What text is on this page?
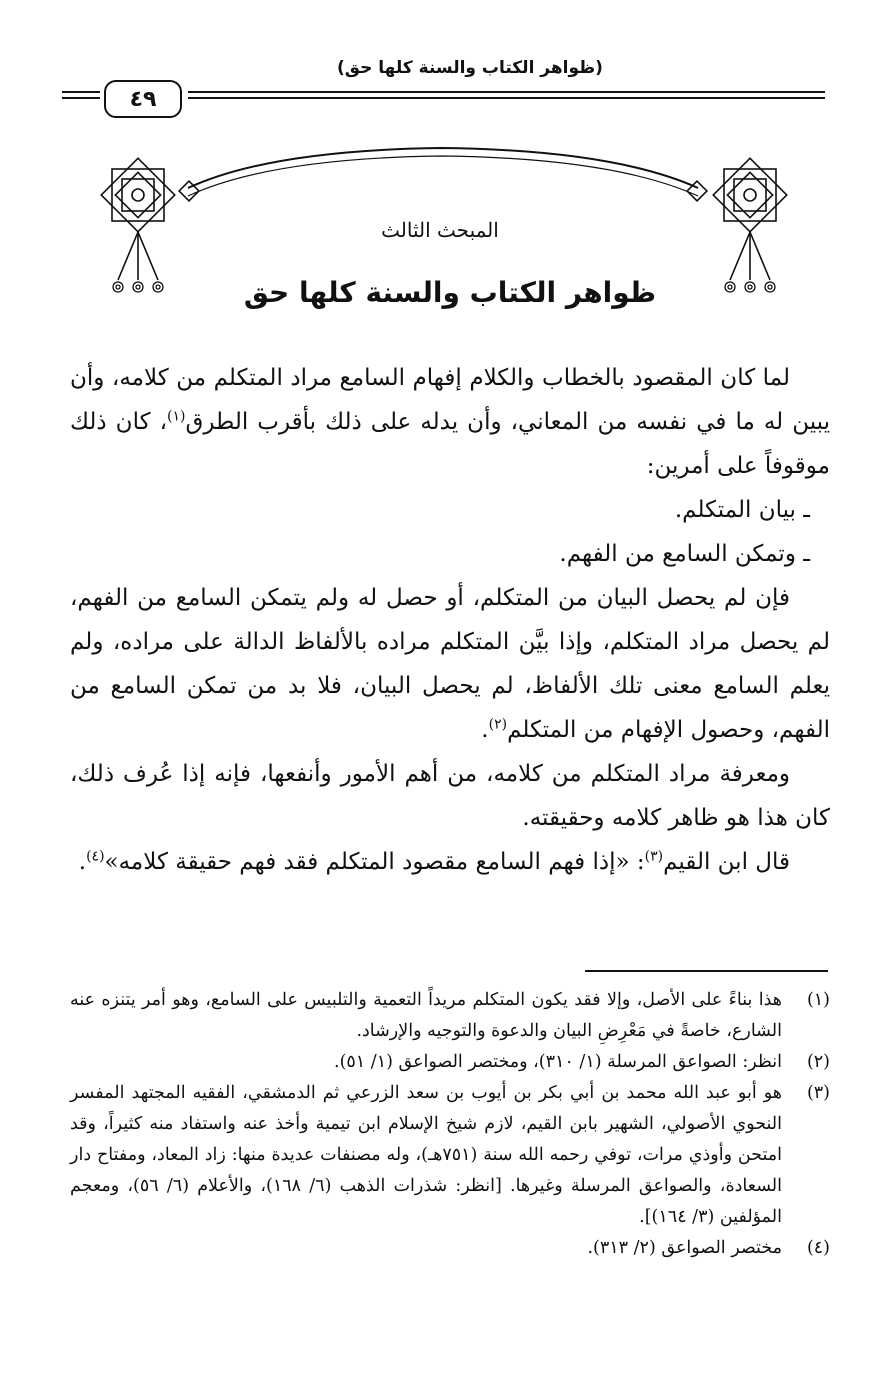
(ظواهر الكتاب والسنة كلها حق)
٤٩
المبحث الثالث
ظواهر الكتاب والسنة كلها حق

لما كان المقصود بالخطاب والكلام إفهام السامع مراد المتكلم من كلامه، وأن يبين له ما في نفسه من المعاني، وأن يدله على ذلك بأقرب الطرق$^{(١)}$، كان ذلك موقوفاً على أمرين:

ـ بيان المتكلم.

ـ وتمكن السامع من الفهم.

فإن لم يحصل البيان من المتكلم، أو حصل له ولم يتمكن السامع من الفهم، لم يحصل مراد المتكلم، وإذا بيَّن المتكلم مراده بالألفاظ الدالة على مراده، ولم يعلم السامع معنى تلك الألفاظ، لم يحصل البيان، فلا بد من تمكن السامع من الفهم، وحصول الإفهام من المتكلم$^{(٢)}$.

ومعرفة مراد المتكلم من كلامه، من أهم الأمور وأنفعها، فإنه إذا عُرف ذلك، كان هذا هو ظاهر كلامه وحقيقته.

قال ابن القيم$^{(٣)}$: «إذا فهم السامع مقصود المتكلم فقد فهم حقيقة كلامه»$^{(٤)}$.

(١)
هذا بناءً على الأصل، وإلا فقد يكون المتكلم مريداً التعمية والتلبيس على السامع، وهو أمر يتنزه عنه الشارع، خاصةً في مَعْرِضِ البيان والدعوة والتوجيه والإرشاد.
(٢)
انظر: الصواعق المرسلة (١/ ٣١٠)، ومختصر الصواعق (١/ ٥١).
(٣)
هو أبو عبد الله محمد بن أبي بكر بن أيوب بن سعد الزرعي ثم الدمشقي، الفقيه المجتهد المفسر النحوي الأصولي، الشهير بابن القيم، لازم شيخ الإسلام ابن تيمية وأخذ عنه واستفاد منه كثيراً، وقد امتحن وأوذي مرات، توفي رحمه الله سنة (٧٥١هـ)، وله مصنفات عديدة منها: زاد المعاد، ومفتاح دار السعادة، والصواعق المرسلة وغيرها. [انظر: شذرات الذهب (٦/ ١٦٨)، والأعلام (٦/ ٥٦)، ومعجم المؤلفين (٣/ ١٦٤)].
(٤)
مختصر الصواعق (٢/ ٣١٣).
